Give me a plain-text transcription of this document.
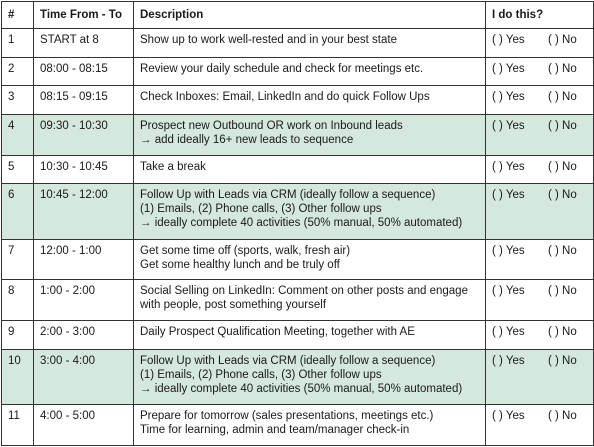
#	Time From - To	Description	I do this?
1	START at 8	Show up to work well-rested and in your best state	( ) Yes ( ) No
2	08:00 - 08:15	Review your daily schedule and check for meetings etc.	( ) Yes ( ) No
3	08:15 - 09:15	Check Inboxes: Email, LinkedIn and do quick Follow Ups	( ) Yes ( ) No
4	09:30 - 10:30	Prospect new Outbound OR work on Inbound leads
→ add ideally 16+ new leads to sequence	( ) Yes ( ) No
5	10:30 - 10:45	Take a break	( ) Yes ( ) No
6	10:45 - 12:00	Follow Up with Leads via CRM (ideally follow a sequence)
(1) Emails, (2) Phone calls, (3) Other follow ups
→ ideally complete 40 activities (50% manual, 50% automated)	( ) Yes ( ) No
7	12:00 - 1:00	Get some time off (sports, walk, fresh air)
Get some healthy lunch and be truly off	( ) Yes ( ) No
8	1:00 - 2:00	Social Selling on LinkedIn: Comment on other posts and engage
with people, post something yourself	( ) Yes ( ) No
9	2:00 - 3:00	Daily Prospect Qualification Meeting, together with AE	( ) Yes ( ) No
10	3:00 - 4:00	Follow Up with Leads via CRM (ideally follow a sequence)
(1) Emails, (2) Phone calls, (3) Other follow ups
→ ideally complete 40 activities (50% manual, 50% automated)	( ) Yes ( ) No
11	4:00 - 5:00	Prepare for tomorrow (sales presentations, meetings etc.)
Time for learning, admin and team/manager check-in	( ) Yes ( ) No
